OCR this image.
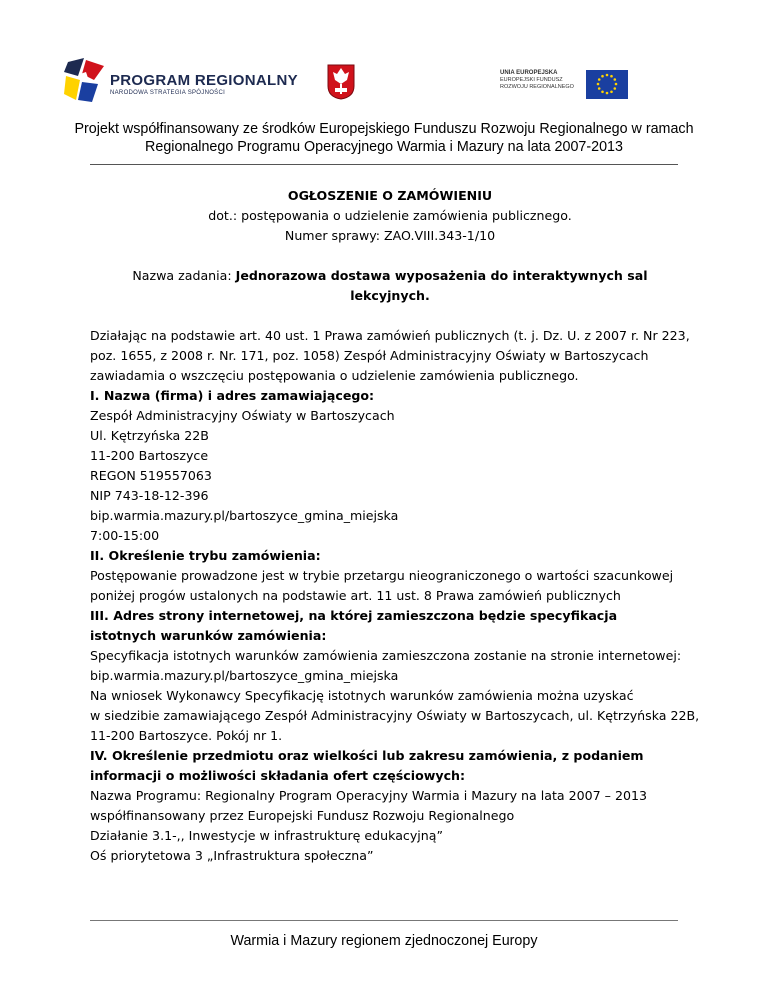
PROGRAM REGIONALNY
NARODOWA STRATEGIA SPÓJNOŚCI
UNIA EUROPEJSKA
EUROPEJSKI FUNDUSZ
ROZWOJU REGIONALNEGO
Projekt współfinansowany ze środków Europejskiego Funduszu Rozwoju Regionalnego w ramach
Regionalnego Programu Operacyjnego Warmia i Mazury na lata 2007-2013
OGŁOSZENIE O ZAMÓWIENIU
dot.: postępowania o udzielenie zamówienia publicznego.
Numer sprawy: ZAO.VIII.343-1/10
Nazwa zadania: Jednorazowa dostawa wyposażenia do interaktywnych sal
lekcyjnych.
Działając na podstawie art. 40 ust. 1 Prawa zamówień publicznych (t. j. Dz. U. z 2007 r. Nr 223,
poz. 1655, z 2008 r. Nr. 171, poz. 1058) Zespół Administracyjny Oświaty w Bartoszycach
zawiadamia o wszczęciu postępowania o udzielenie zamówienia publicznego.
I. Nazwa (firma) i adres zamawiającego:
Zespół Administracyjny Oświaty w Bartoszycach
Ul. Kętrzyńska 22B
11-200 Bartoszyce
REGON 519557063
NIP 743-18-12-396
bip.warmia.mazury.pl/bartoszyce_gmina_miejska
7:00-15:00
II. Określenie trybu zamówienia:
Postępowanie prowadzone jest w trybie przetargu nieograniczonego o wartości szacunkowej
poniżej progów ustalonych na podstawie art. 11 ust. 8 Prawa zamówień publicznych
III. Adres strony internetowej, na której zamieszczona będzie specyfikacja
istotnych warunków zamówienia:
Specyfikacja istotnych warunków zamówienia zamieszczona zostanie na stronie internetowej:
bip.warmia.mazury.pl/bartoszyce_gmina_miejska
Na wniosek Wykonawcy Specyfikację istotnych warunków zamówienia można uzyskać
w siedzibie zamawiającego Zespół Administracyjny Oświaty w Bartoszycach, ul. Kętrzyńska 22B,
11-200 Bartoszyce. Pokój nr 1.
IV. Określenie przedmiotu oraz wielkości lub zakresu zamówienia, z podaniem
informacji o możliwości składania ofert częściowych:
Nazwa Programu: Regionalny Program Operacyjny Warmia i Mazury na lata 2007 – 2013
współfinansowany przez Europejski Fundusz Rozwoju Regionalnego
Działanie 3.1-,, Inwestycje w infrastrukturę edukacyjną”
Oś priorytetowa 3 „Infrastruktura społeczna”
Warmia i Mazury regionem zjednoczonej Europy
